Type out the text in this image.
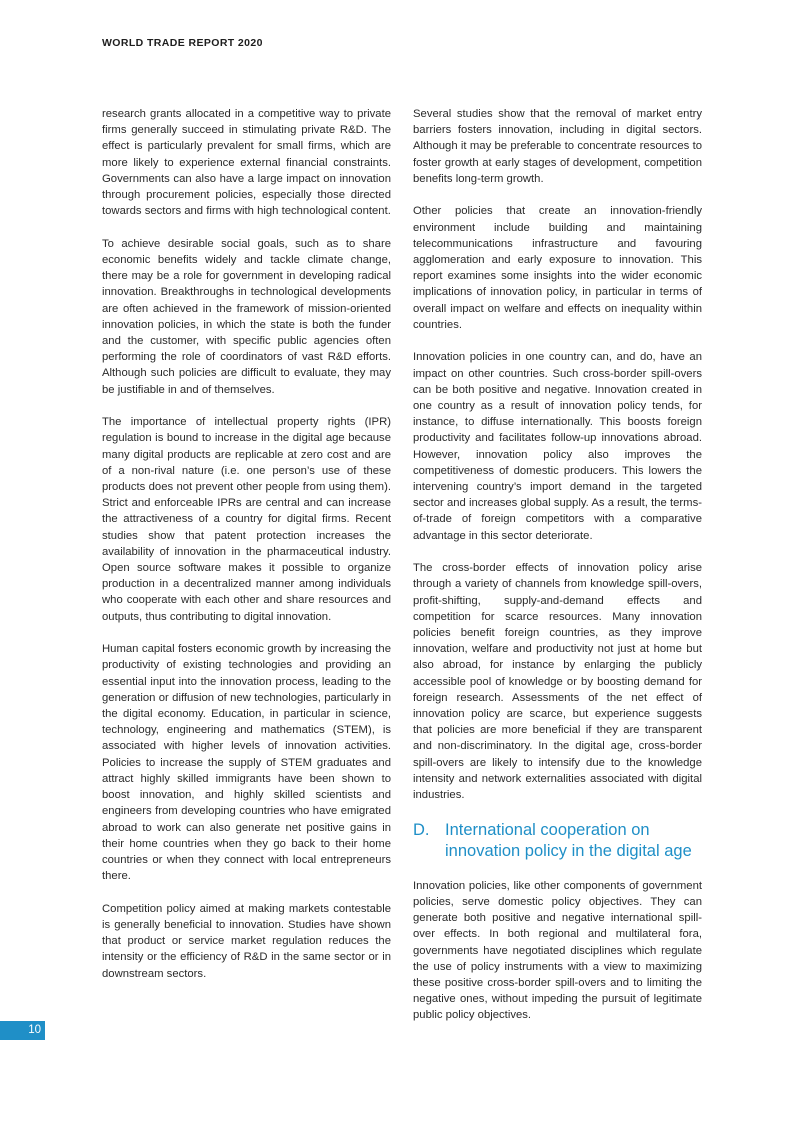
WORLD TRADE REPORT 2020

research grants allocated in a competitive way to private firms generally succeed in stimulating private R&D. The effect is particularly prevalent for small firms, which are more likely to experience external financial constraints. Governments can also have a large impact on innovation through procurement policies, especially those directed towards sectors and firms with high technological content.

To achieve desirable social goals, such as to share economic benefits widely and tackle climate change, there may be a role for government in developing radical innovation. Breakthroughs in technological developments are often achieved in the framework of mission-oriented innovation policies, in which the state is both the funder and the customer, with specific public agencies often performing the role of coordinators of vast R&D efforts. Although such policies are difficult to evaluate, they may be justifiable in and of themselves.

The importance of intellectual property rights (IPR) regulation is bound to increase in the digital age because many digital products are replicable at zero cost and are of a non-rival nature (i.e. one person’s use of these products does not prevent other people from using them). Strict and enforceable IPRs are central and can increase the attractiveness of a country for digital firms. Recent studies show that patent protection increases the availability of innovation in the pharmaceutical industry. Open source software makes it possible to organize production in a decentralized manner among individuals who cooperate with each other and share resources and outputs, thus contributing to digital innovation.

Human capital fosters economic growth by increasing the productivity of existing technologies and providing an essential input into the innovation process, leading to the generation or diffusion of new technologies, particularly in the digital economy. Education, in particular in science, technology, engineering and mathematics (STEM), is associated with higher levels of innovation activities. Policies to increase the supply of STEM graduates and attract highly skilled immigrants have been shown to boost innovation, and highly skilled scientists and engineers from developing countries who have emigrated abroad to work can also generate net positive gains in their home countries when they go back to their home countries or when they connect with local entrepreneurs there.

Competition policy aimed at making markets contestable is generally beneficial to innovation. Studies have shown that product or service market regulation reduces the intensity or the efficiency of R&D in the same sector or in downstream sectors.

Several studies show that the removal of market entry barriers fosters innovation, including in digital sectors. Although it may be preferable to concentrate resources to foster growth at early stages of development, competition benefits long-term growth.

Other policies that create an innovation-friendly environment include building and maintaining telecommunications infrastructure and favouring agglomeration and early exposure to innovation. This report examines some insights into the wider economic implications of innovation policy, in particular in terms of overall impact on welfare and effects on inequality within countries.

Innovation policies in one country can, and do, have an impact on other countries. Such cross-border spill-overs can be both positive and negative. Innovation created in one country as a result of innovation policy tends, for instance, to diffuse internationally. This boosts foreign productivity and facilitates follow-up innovations abroad. However, innovation policy also improves the competitiveness of domestic producers. This lowers the intervening country’s import demand in the targeted sector and increases global supply. As a result, the terms-of-trade of foreign competitors with a comparative advantage in this sector deteriorate.

The cross-border effects of innovation policy arise through a variety of channels from knowledge spill-overs, profit-shifting, supply-and-demand effects and competition for scarce resources. Many innovation policies benefit foreign countries, as they improve innovation, welfare and productivity not just at home but also abroad, for instance by enlarging the publicly accessible pool of knowledge or by boosting demand for foreign research. Assessments of the net effect of innovation policy are scarce, but experience suggests that policies are more beneficial if they are transparent and non-discriminatory. In the digital age, cross-border spill-overs are likely to intensify due to the knowledge intensity and network externalities associated with digital industries.

D. International cooperation on innovation policy in the digital age

Innovation policies, like other components of government policies, serve domestic policy objectives. They can generate both positive and negative international spill-over effects. In both regional and multilateral fora, governments have negotiated disciplines which regulate the use of policy instruments with a view to maximizing these positive cross-border spill-overs and to limiting the negative ones, without impeding the pursuit of legitimate public policy objectives.

10
